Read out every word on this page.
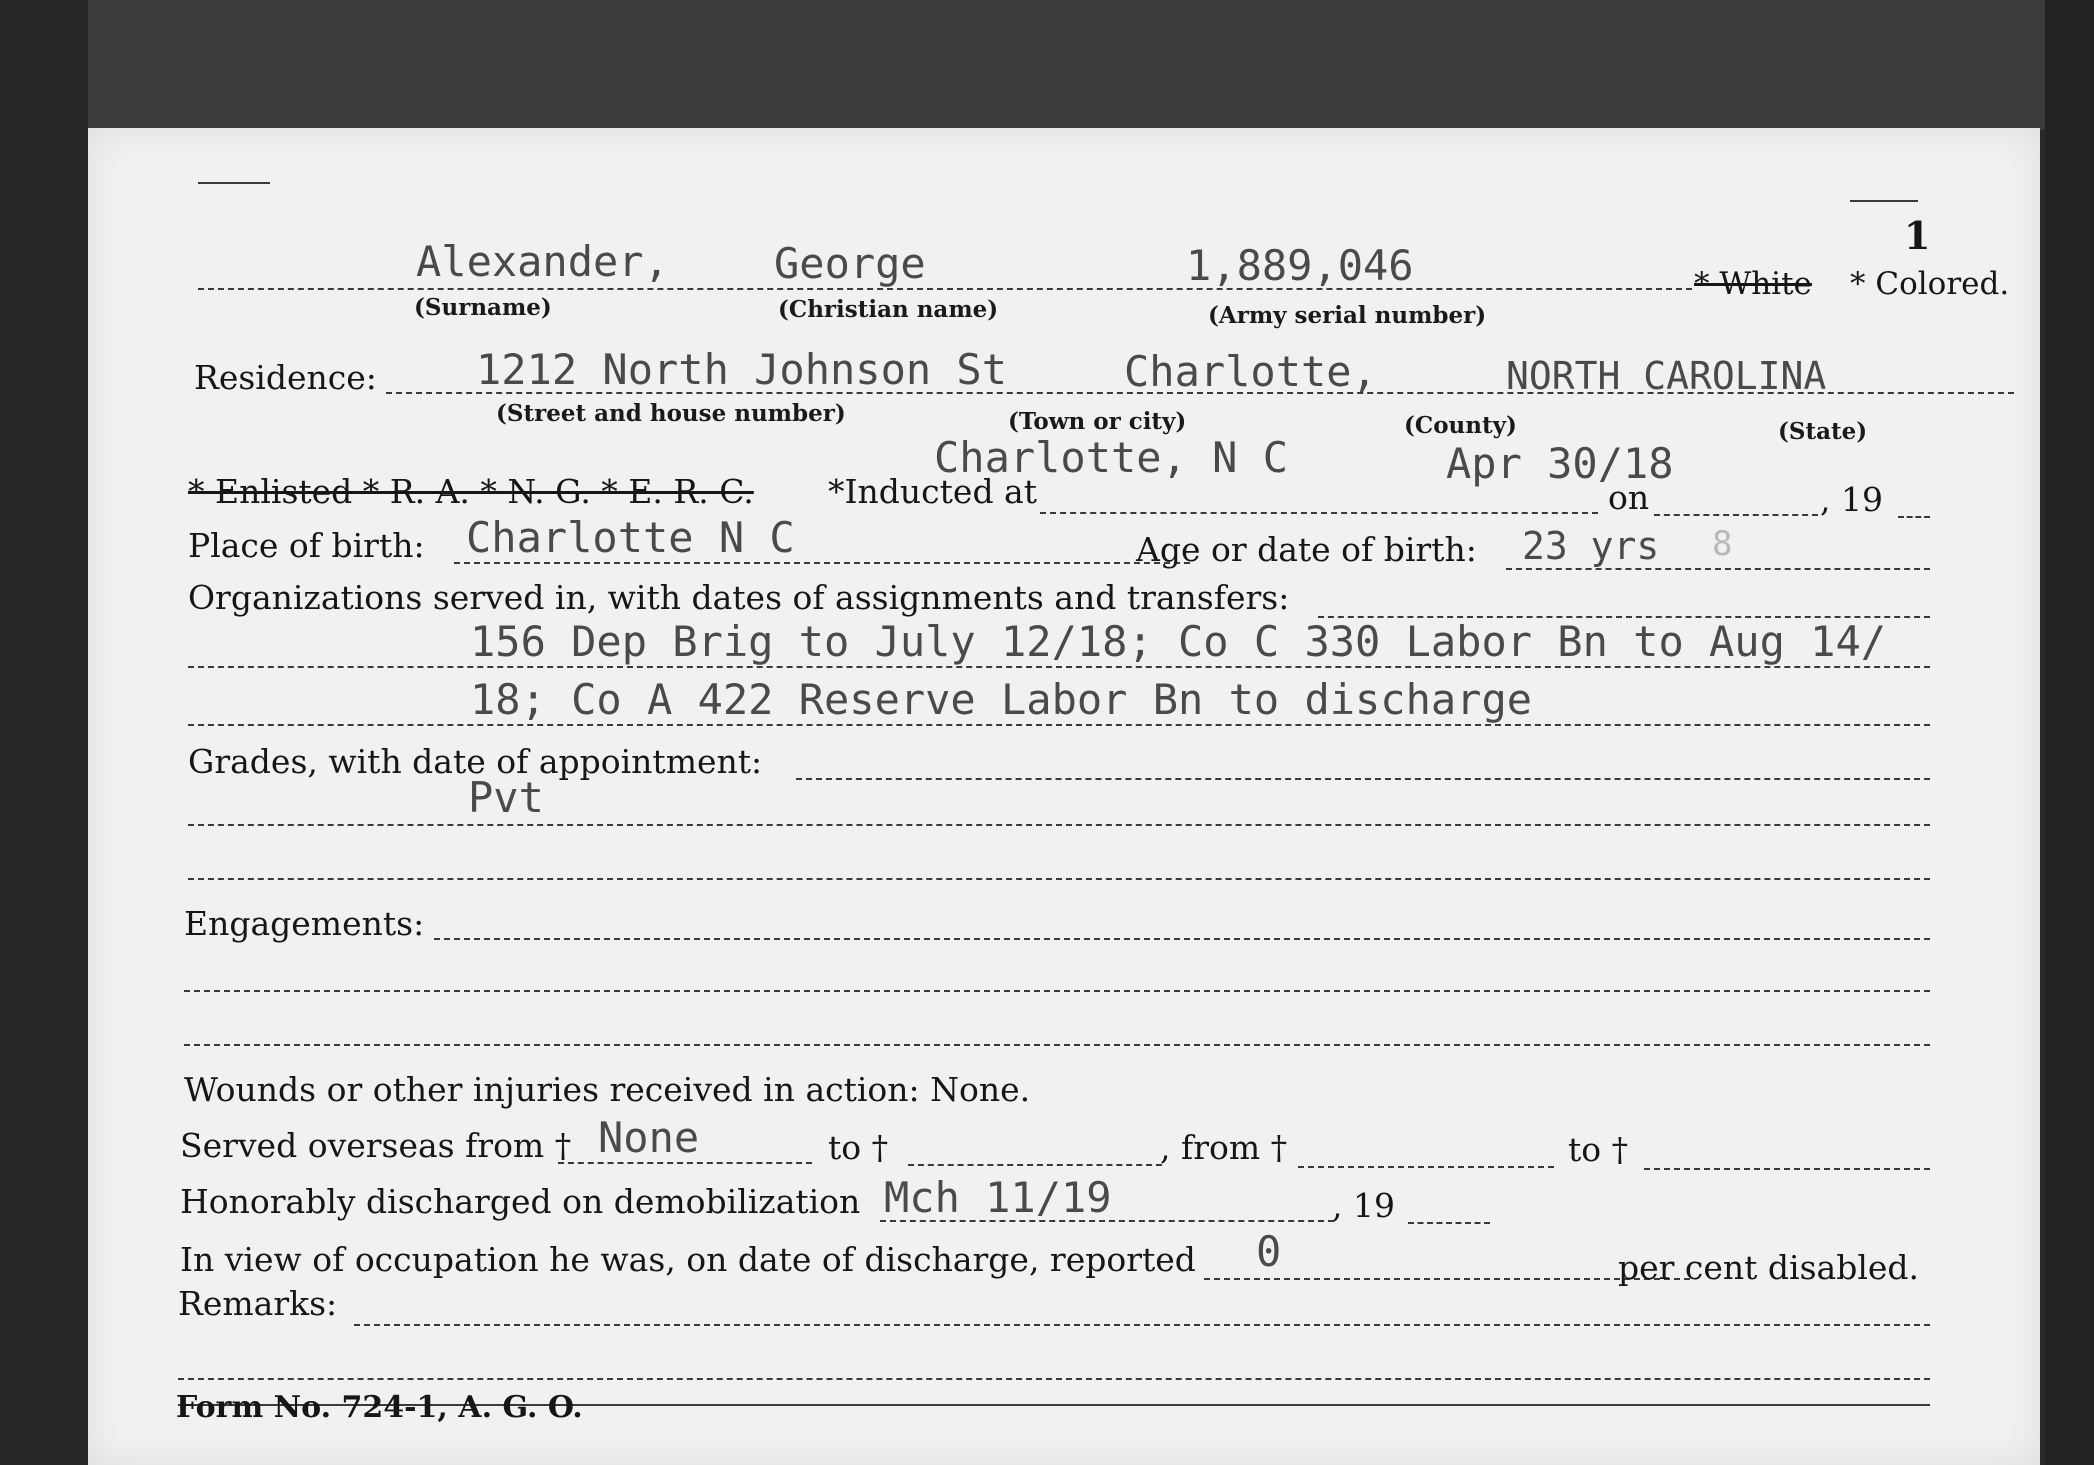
1
Alexander,	George	1,889,046	* White * Colored.
(Surname)	(Christian name)	(Army serial number)
Residence: 1212 North Johnson St	Charlotte,	NORTH CAROLINA
(Street and house number)	(Town or city)	(County)	(State)
Charlotte, N C	Apr 30/18
* Enlisted * R. A. * N. G. * E. R. C. *Inducted at	on	, 19
Place of birth: Charlotte N C	Age or date of birth: 23 yrs 8
Organizations served in, with dates of assignments and transfers:
156 Dep Brig to July 12/18; Co C 330 Labor Bn to Aug 14/
18; Co A 422 Reserve Labor Bn to discharge
Grades, with date of appointment:
Pvt
Engagements:
Wounds or other injuries received in action: None.
Served overseas from † None	to †	, from †	to †
Honorably discharged on demobilization Mch 11/19	, 19
In view of occupation he was, on date of discharge, reported 0	per cent disabled.
Remarks:
Form No. 724-1, A. G. O.
